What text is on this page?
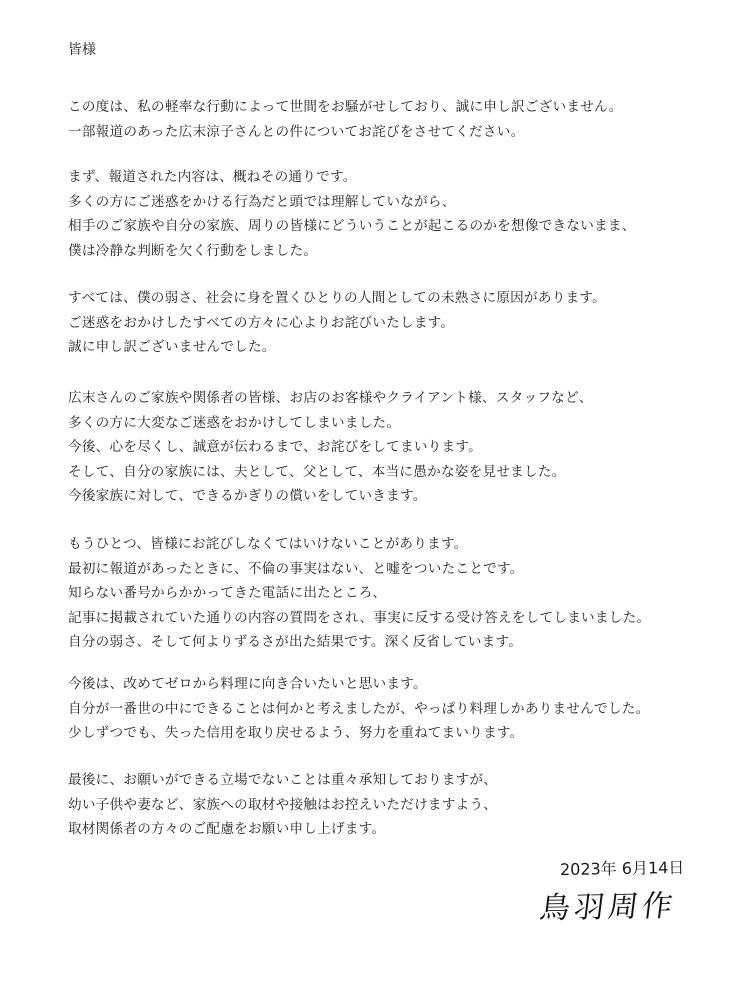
皆様

この度は、私の軽率な行動によって世間をお騒がせしており、誠に申し訳ございません。

一部報道のあった広末涼子さんとの件についてお詫びをさせてください。

まず、報道された内容は、概ねその通りです。

多くの方にご迷惑をかける行為だと頭では理解していながら、

相手のご家族や自分の家族、周りの皆様にどういうことが起こるのかを想像できないまま、

僕は冷静な判断を欠く行動をしました。

すべては、僕の弱さ、社会に身を置くひとりの人間としての未熟さに原因があります。

ご迷惑をおかけしたすべての方々に心よりお詫びいたします。

誠に申し訳ございませんでした。

広末さんのご家族や関係者の皆様、お店のお客様やクライアント様、スタッフなど、

多くの方に大変なご迷惑をおかけしてしまいました。

今後、心を尽くし、誠意が伝わるまで、お詫びをしてまいります。

そして、自分の家族には、夫として、父として、本当に愚かな姿を見せました。

今後家族に対して、できるかぎりの償いをしていきます。

もうひとつ、皆様にお詫びしなくてはいけないことがあります。

最初に報道があったときに、不倫の事実はない、と嘘をついたことです。

知らない番号からかかってきた電話に出たところ、

記事に掲載されていた通りの内容の質問をされ、事実に反する受け答えをしてしまいました。

自分の弱さ、そして何よりずるさが出た結果です。深く反省しています。

今後は、改めてゼロから料理に向き合いたいと思います。

自分が一番世の中にできることは何かと考えましたが、やっぱり料理しかありませんでした。

少しずつでも、失った信用を取り戻せるよう、努力を重ねてまいります。

最後に、お願いができる立場でないことは重々承知しておりますが、

幼い子供や妻など、家族への取材や接触はお控えいただけますよう、

取材関係者の方々のご配慮をお願い申し上げます。

2023年 6月14日

鳥羽周作
